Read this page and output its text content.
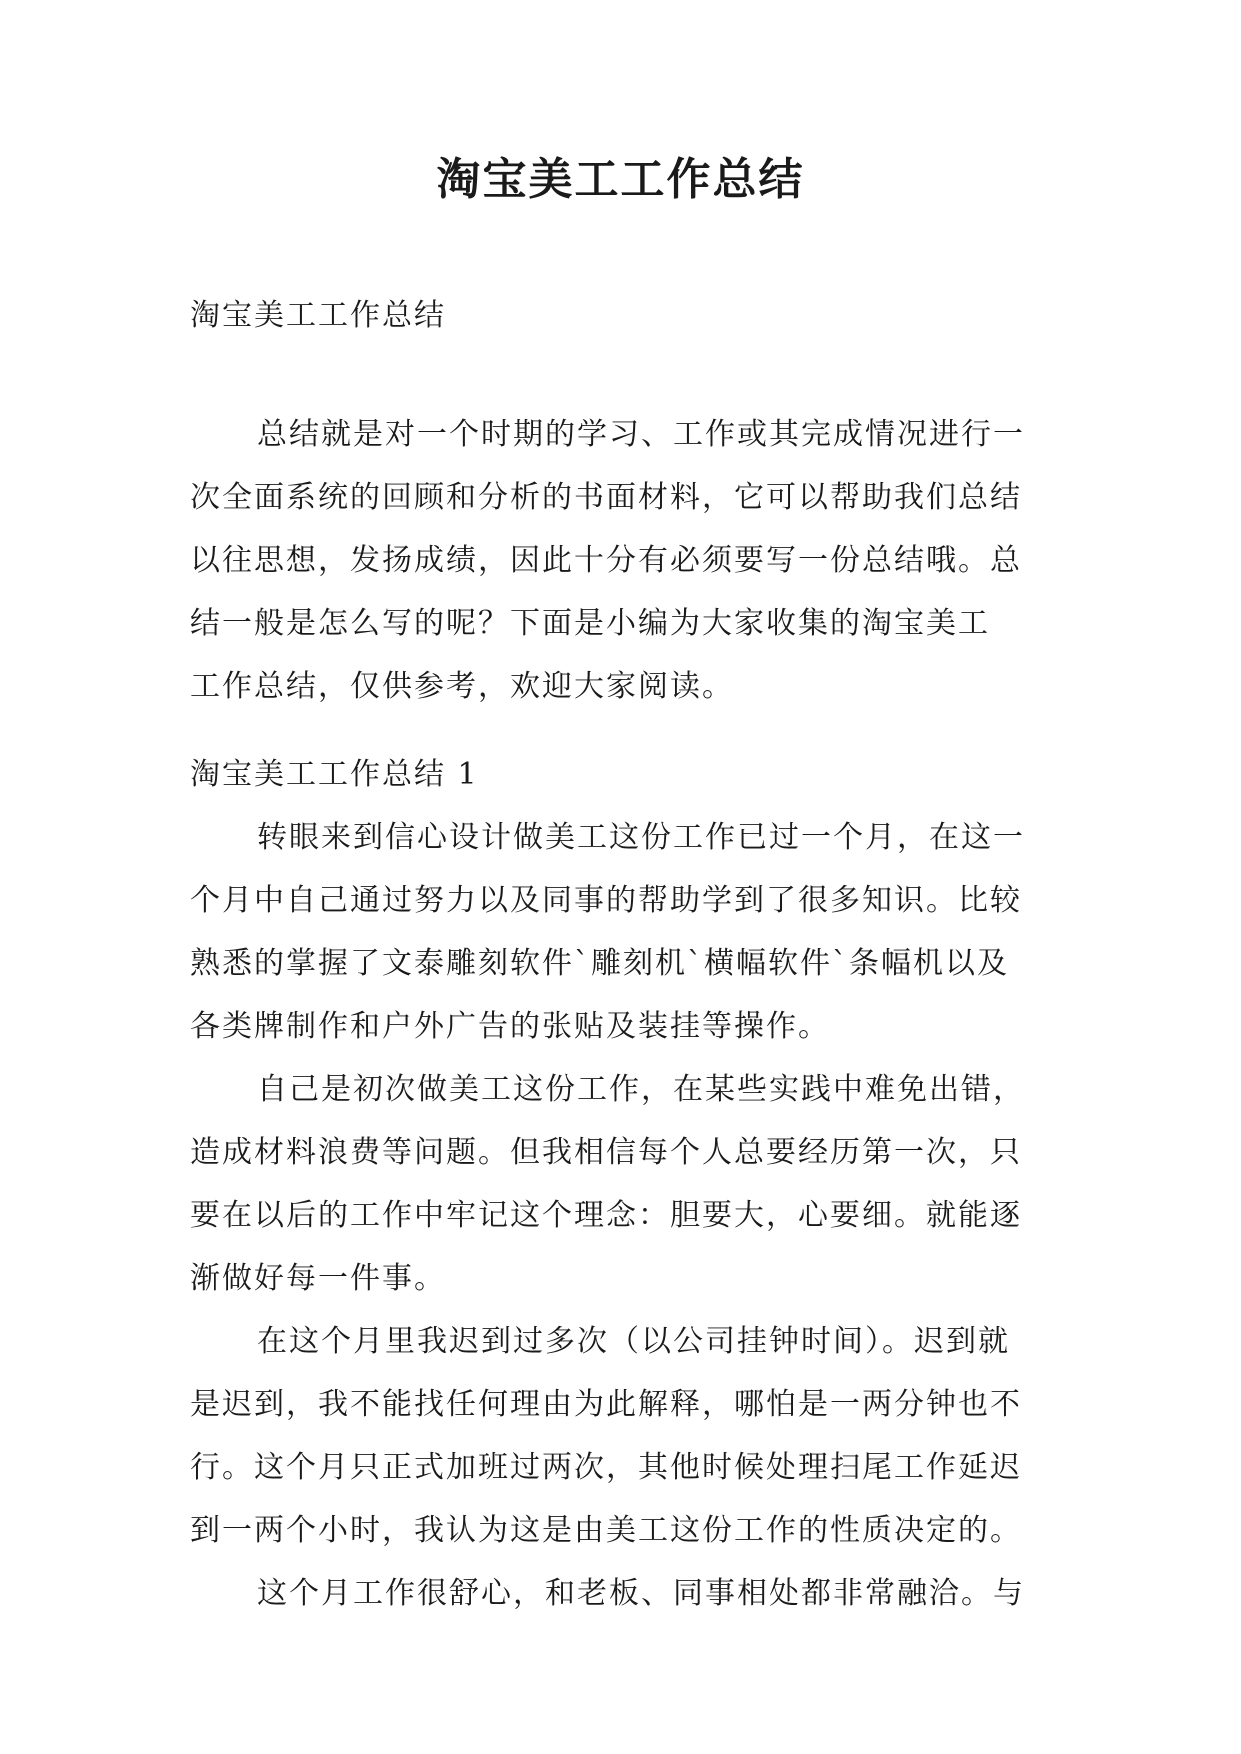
淘宝美工工作总结

淘宝美工工作总结

总结就是对一个时期的学习、工作或其完成情况进行一
次全面系统的回顾和分析的书面材料，它可以帮助我们总结
以往思想，发扬成绩，因此十分有必须要写一份总结哦。总
结一般是怎么写的呢？下面是小编为大家收集的淘宝美工
工作总结，仅供参考，欢迎大家阅读。

淘宝美工工作总结 1

转眼来到信心设计做美工这份工作已过一个月，在这一
个月中自己通过努力以及同事的帮助学到了很多知识。比较
熟悉的掌握了文泰雕刻软件`雕刻机`横幅软件`条幅机以及
各类牌制作和户外广告的张贴及装挂等操作。
自己是初次做美工这份工作，在某些实践中难免出错，
造成材料浪费等问题。但我相信每个人总要经历第一次，只
要在以后的工作中牢记这个理念：胆要大，心要细。就能逐
渐做好每一件事。
在这个月里我迟到过多次（以公司挂钟时间）。迟到就
是迟到，我不能找任何理由为此解释，哪怕是一两分钟也不
行。这个月只正式加班过两次，其他时候处理扫尾工作延迟
到一两个小时，我认为这是由美工这份工作的性质决定的。
这个月工作很舒心，和老板、同事相处都非常融洽。与
